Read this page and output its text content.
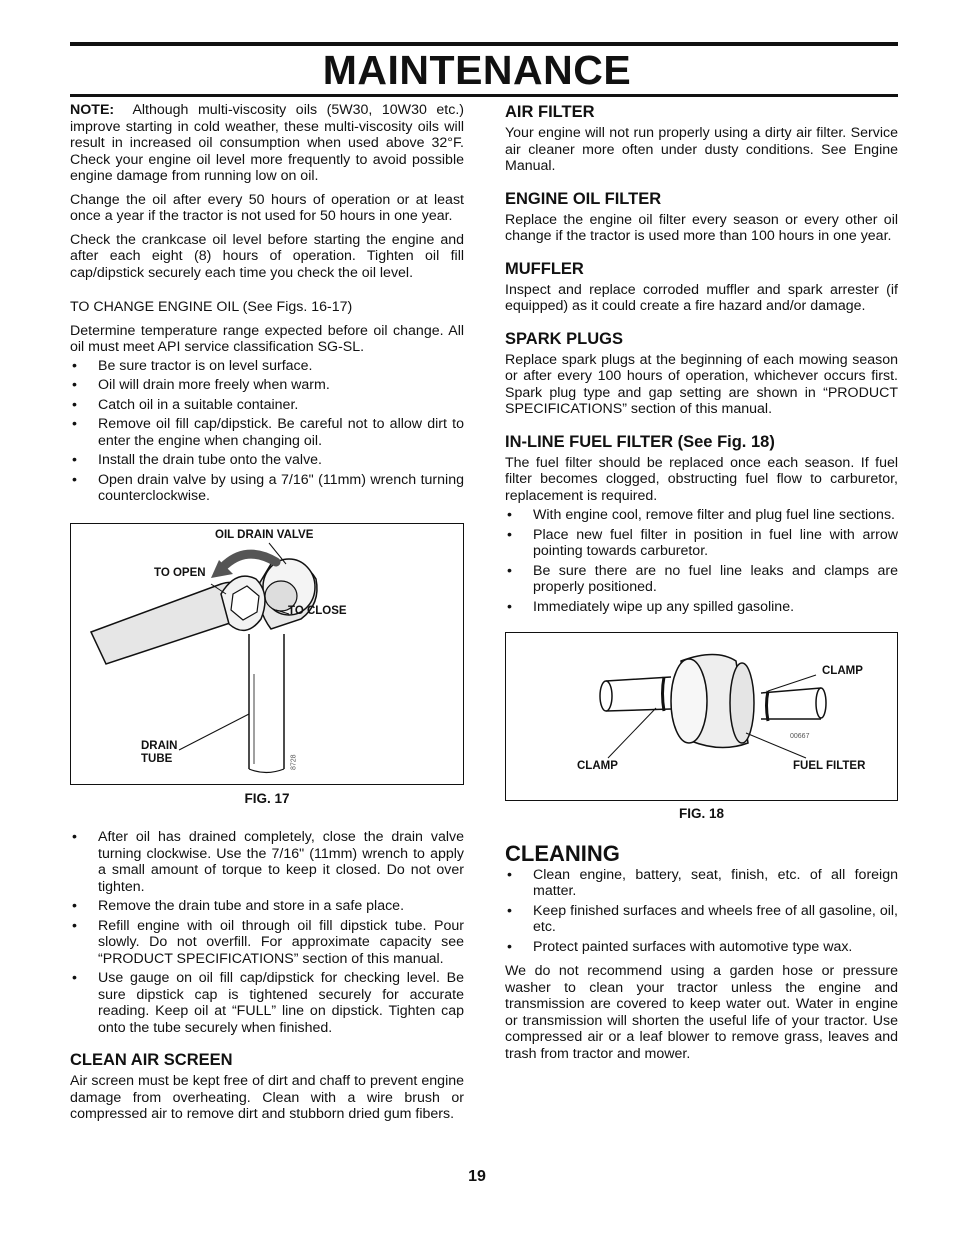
MAINTENANCE

NOTE: Although multi-viscosity oils (5W30, 10W30 etc.) improve starting in cold weather, these multi-viscosity oils will result in increased oil consumption when used above 32°F. Check your engine oil level more frequently to avoid possible engine damage from running low on oil.

Change the oil after every 50 hours of operation or at least once a year if the tractor is not used for 50 hours in one year.

Check the crankcase oil level before starting the engine and after each eight (8) hours of operation. Tighten oil fill cap/dipstick securely each time you check the oil level.

TO CHANGE ENGINE OIL (See Figs. 16-17)

Determine temperature range expected before oil change. All oil must meet API service classification SG-SL.

• Be sure tractor is on level surface.
• Oil will drain more freely when warm.
• Catch oil in a suitable container.
• Remove oil fill cap/dipstick. Be careful not to allow dirt to enter the engine when changing oil.
• Install the drain tube onto the valve.
• Open drain valve by using a 7/16" (11mm) wrench turning counterclockwise.
OIL DRAIN VALVE
TO OPEN
TO CLOSE
DRAIN
TUBE	8728
FIG. 17
• After oil has drained completely, close the drain valve turning clockwise. Use the 7/16" (11mm) wrench to apply a small amount of torque to keep it closed. Do not over tighten.
• Remove the drain tube and store in a safe place.
• Refill engine with oil through oil fill dipstick tube. Pour slowly. Do not overfill. For approximate capacity see “PRODUCT SPECIFICATIONS” section of this manual.
• Use gauge on oil fill cap/dipstick for checking level. Be sure dipstick cap is tightened securely for accurate reading. Keep oil at “FULL” line on dipstick. Tighten cap onto the tube securely when finished.
CLEAN AIR SCREEN

Air screen must be kept free of dirt and chaff to prevent engine damage from overheating. Clean with a wire brush or compressed air to remove dirt and stubborn dried gum fibers.

AIR FILTER

Your engine will not run properly using a dirty air filter. Service air cleaner more often under dusty conditions. See Engine Manual.

ENGINE OIL FILTER

Replace the engine oil filter every season or every other oil change if the tractor is used more than 100 hours in one year.

MUFFLER

Inspect and replace corroded muffler and spark arrester (if equipped) as it could create a fire hazard and/or damage.

SPARK PLUGS

Replace spark plugs at the beginning of each mowing season or after every 100 hours of operation, whichever occurs first. Spark plug type and gap setting are shown in “PRODUCT SPECIFICATIONS” section of this manual.

IN-LINE FUEL FILTER (See Fig. 18)

The fuel filter should be replaced once each season. If fuel filter becomes clogged, obstructing fuel flow to carburetor, replacement is required.

• With engine cool, remove filter and plug fuel line sections.
• Place new fuel filter in position in fuel line with arrow pointing towards carburetor.
• Be sure there are no fuel line leaks and clamps are properly positioned.
• Immediately wipe up any spilled gasoline.
CLAMP
CLAMP	FUEL FILTER
00667
FIG. 18
CLEANING
• Clean engine, battery, seat, finish, etc. of all foreign matter.
• Keep finished surfaces and wheels free of all gasoline, oil, etc.
• Protect painted surfaces with automotive type wax.

We do not recommend using a garden hose or pressure washer to clean your tractor unless the engine and transmission are covered to keep water out. Water in engine or transmission will shorten the useful life of your tractor. Use compressed air or a leaf blower to remove grass, leaves and trash from tractor and mower.

19
